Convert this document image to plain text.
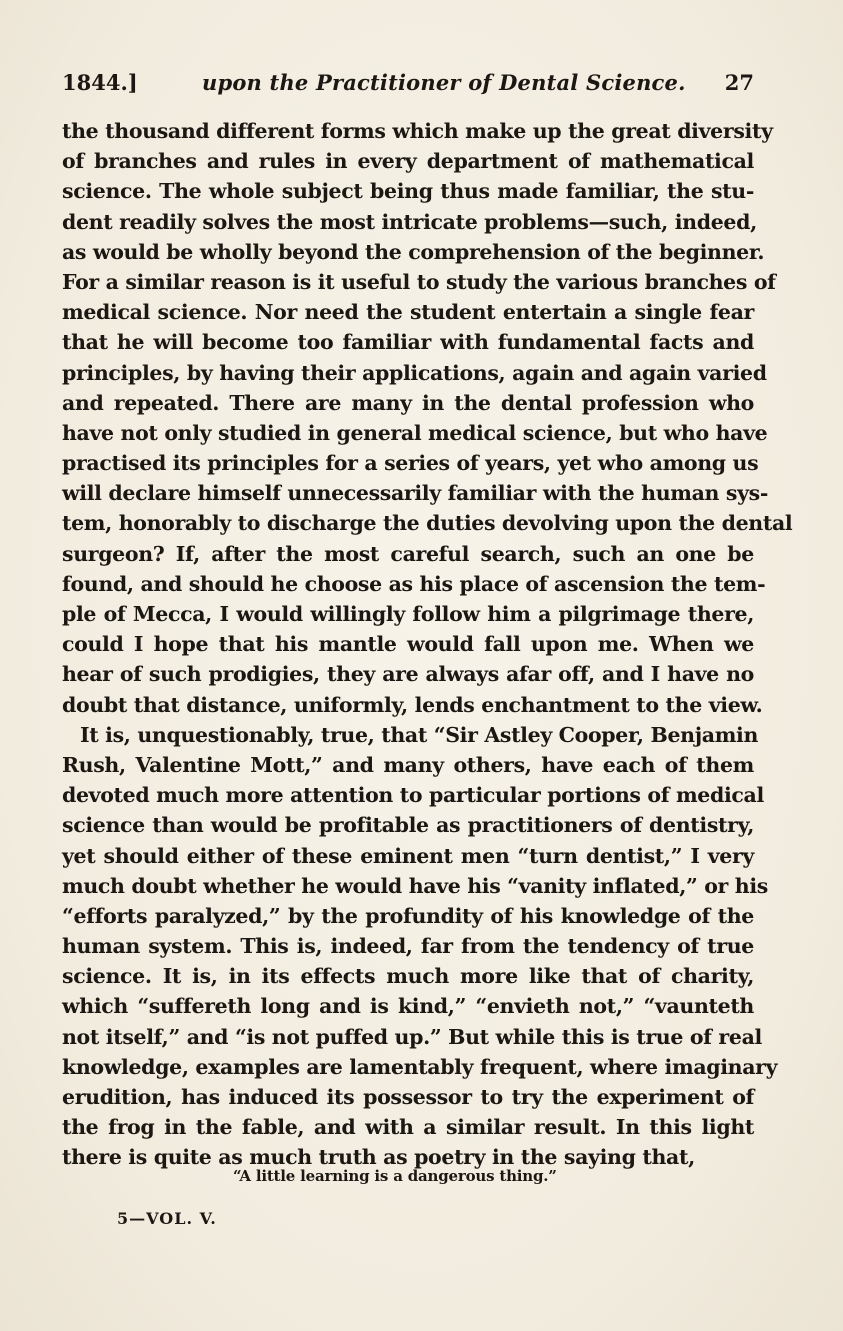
1844.]	upon the Practitioner of Dental Science. 27
the thousand different forms which make up the great diversity
of branches and rules in every department of mathematical
science. The whole subject being thus made familiar, the stu-
dent readily solves the most intricate problems—such, indeed,
as would be wholly beyond the comprehension of the beginner.
For a similar reason is it useful to study the various branches of
medical science. Nor need the student entertain a single fear
that he will become too familiar with fundamental facts and
principles, by having their applications, again and again varied
and repeated. There are many in the dental profession who
have not only studied in general medical science, but who have
practised its principles for a series of years, yet who among us
will declare himself unnecessarily familiar with the human sys-
tem, honorably to discharge the duties devolving upon the dental
surgeon? If, after the most careful search, such an one be
found, and should he choose as his place of ascension the tem-
ple of Mecca, I would willingly follow him a pilgrimage there,
could I hope that his mantle would fall upon me. When we
hear of such prodigies, they are always afar off, and I have no
doubt that distance, uniformly, lends enchantment to the view.
It is, unquestionably, true, that “Sir Astley Cooper, Benjamin
Rush, Valentine Mott,” and many others, have each of them
devoted much more attention to particular portions of medical
science than would be profitable as practitioners of dentistry,
yet should either of these eminent men “turn dentist,” I very
much doubt whether he would have his “vanity inflated,” or his
“efforts paralyzed,” by the profundity of his knowledge of the
human system. This is, indeed, far from the tendency of true
science. It is, in its effects much more like that of charity,
which “suffereth long and is kind,” “envieth not,” “vaunteth
not itself,” and “is not puffed up.” But while this is true of real
knowledge, examples are lamentably frequent, where imaginary
erudition, has induced its possessor to try the experiment of
the frog in the fable, and with a similar result. In this light
there is quite as much truth as poetry in the saying that,
“A little learning is a dangerous thing.”
5—VOL. V.
